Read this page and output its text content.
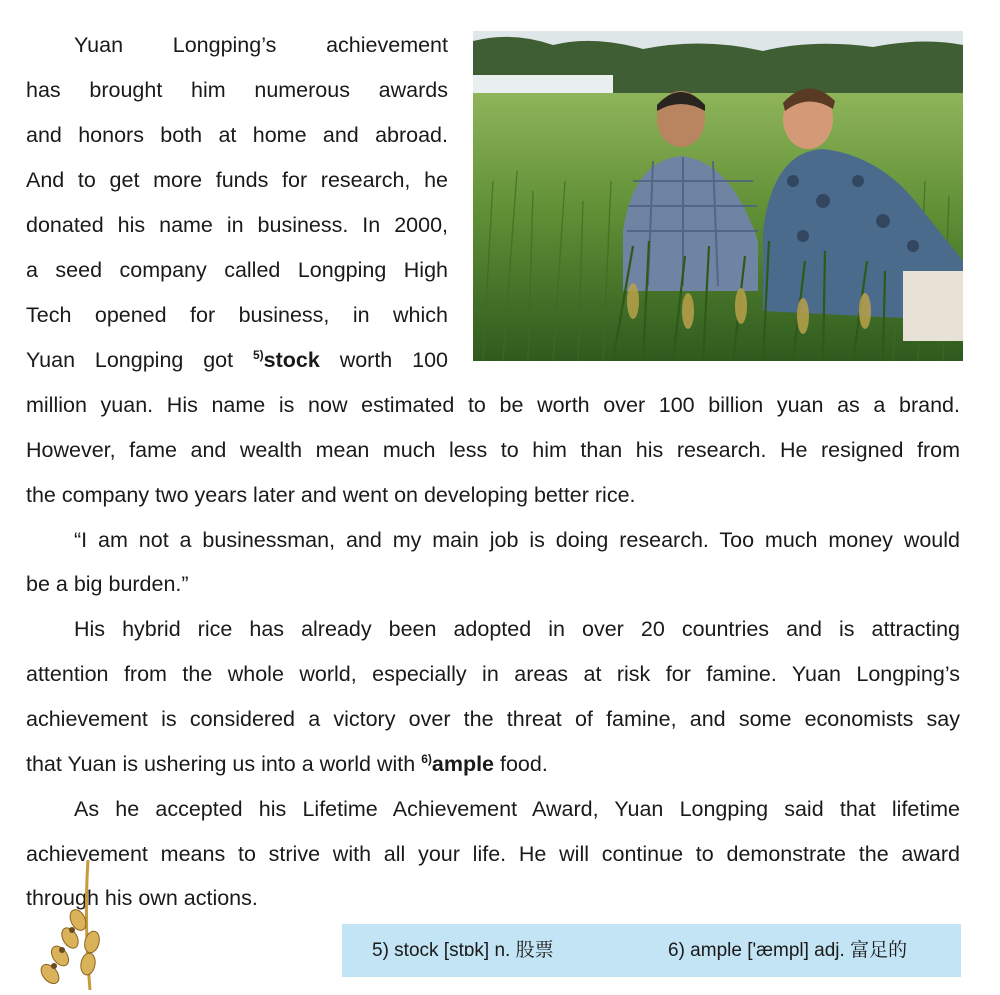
Yuan Longping’s achievement
has brought him numerous awards
and honors both at home and abroad.
And to get more funds for research, he
donated his name in business. In 2000,
a seed company called Longping High
Tech opened for business, in which
Yuan Longping got $^{5)}$stock worth 100
million yuan. His name is now estimated to be worth over 100 billion yuan as a brand.
However, fame and wealth mean much less to him than his research. He resigned from
the company two years later and went on developing better rice.
“I am not a businessman, and my main job is doing research. Too much money would
be a big burden.”
His hybrid rice has already been adopted in over 20 countries and is attracting
attention from the whole world, especially in areas at risk for famine. Yuan Longping’s
achievement is considered a victory over the threat of famine, and some economists say
that Yuan is ushering us into a world with $^{6)}$ample food.
As he accepted his Lifetime Achievement Award, Yuan Longping said that lifetime
achievement means to strive with all your life. He will continue to demonstrate the award
through his own actions.
5) stock [stɒk] n. 股票	6) ample ['æmpl] adj. 富足的
